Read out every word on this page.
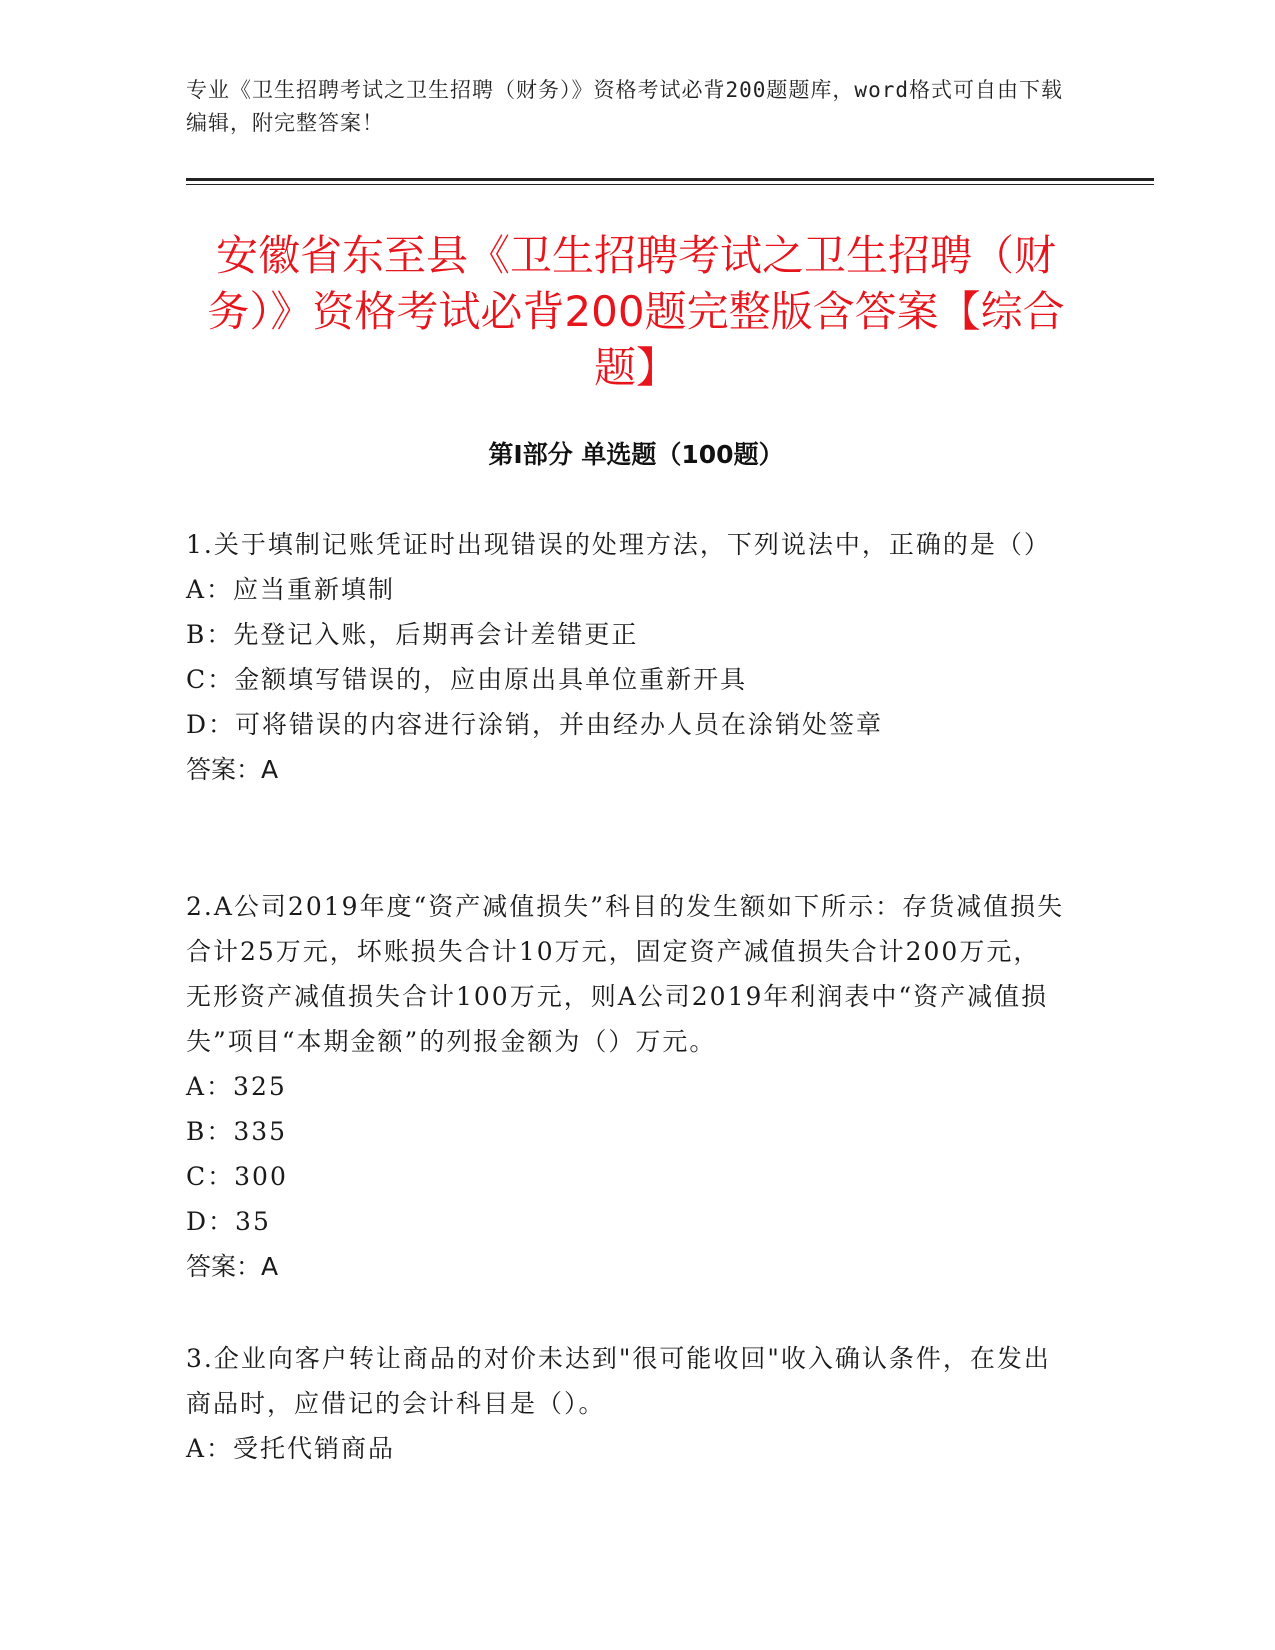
专业《卫生招聘考试之卫生招聘（财务）》资格考试必背200题题库，word格式可自由下载编辑，附完整答案！
安徽省东至县《卫生招聘考试之卫生招聘（财务）》资格考试必背200题完整版含答案【综合题】
第Ⅰ部分 单选题（100题）

1.关于填制记账凭证时出现错误的处理方法，下列说法中，正确的是（）

A：应当重新填制

B：先登记入账，后期再会计差错更正

C：金额填写错误的，应由原出具单位重新开具

D：可将错误的内容进行涂销，并由经办人员在涂销处签章

答案：A

2.A公司2019年度“资产减值损失”科目的发生额如下所示：存货减值损失合计25万元，坏账损失合计10万元，固定资产减值损失合计200万元，无形资产减值损失合计100万元，则A公司2019年利润表中“资产减值损失”项目“本期金额”的列报金额为（）万元。

A：325

B：335

C：300

D：35

答案：A

3.企业向客户转让商品的对价未达到"很可能收回"收入确认条件，在发出商品时，应借记的会计科目是（）。

A：受托代销商品
